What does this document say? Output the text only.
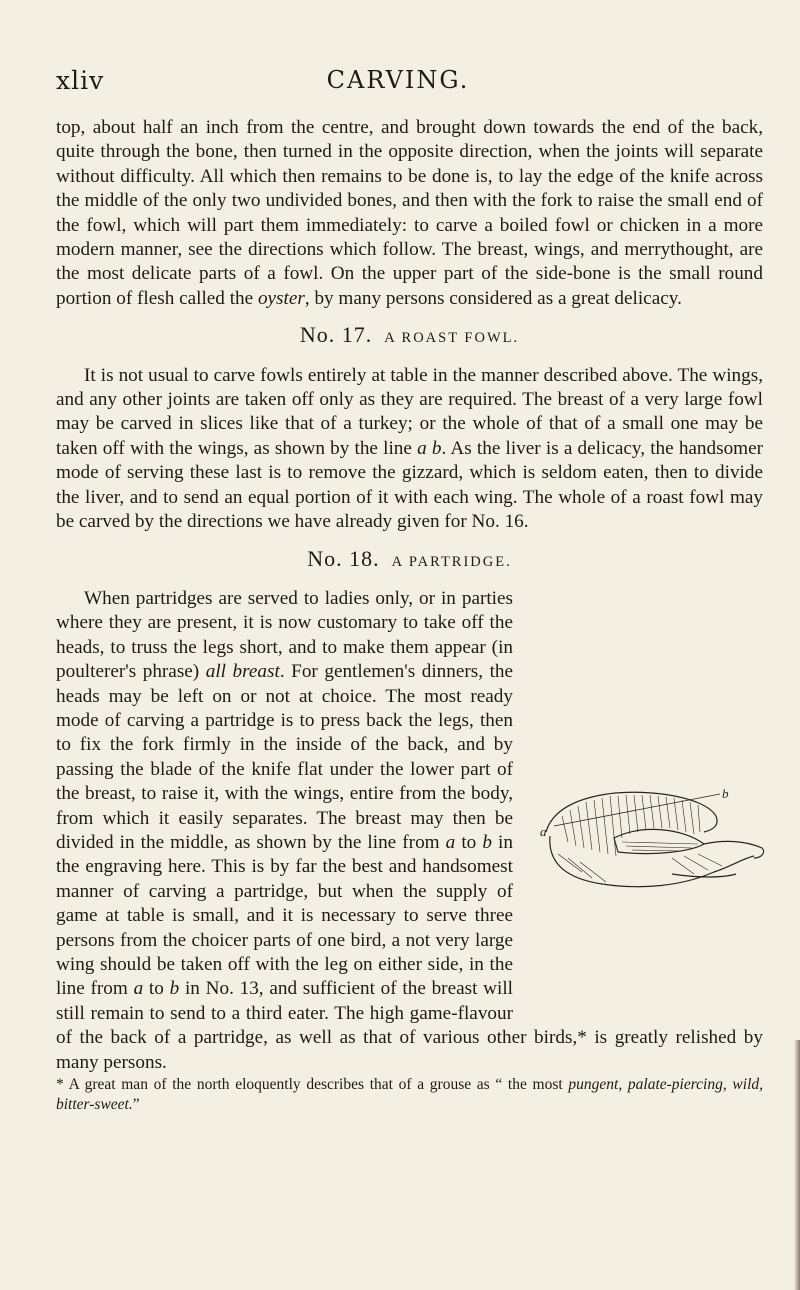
xliv	CARVING.

top, about half an inch from the centre, and brought down towards the end of the back, quite through the bone, then turned in the opposite direction, when the joints will separate without difficulty. All which then remains to be done is, to lay the edge of the knife across the middle of the only two undivided bones, and then with the fork to raise the small end of the fowl, which will part them immediately: to carve a boiled fowl or chicken in a more modern manner, see the directions which follow. The breast, wings, and merrythought, are the most delicate parts of a fowl. On the upper part of the side-bone is the small round portion of flesh called the oyster, by many persons considered as a great delicacy.

No. 17. A ROAST FOWL.

It is not usual to carve fowls entirely at table in the manner described above. The wings, and any other joints are taken off only as they are required. The breast of a very large fowl may be carved in slices like that of a turkey; or the whole of that of a small one may be taken off with the wings, as shown by the line a b. As the liver is a delicacy, the handsomer mode of serving these last is to remove the gizzard, which is seldom eaten, then to divide the liver, and to send an equal portion of it with each wing. The whole of a roast fowl may be carved by the directions we have already given for No. 16.

No. 18. A PARTRIDGE.

When partridges are served to ladies only, or in parties where they are present, it is now customary to take off the heads, to truss the legs short, and to make them appear (in poulterer's phrase) all breast. For gentlemen's dinners, the heads may be left on or not at choice. The most ready mode of carving a partridge is to press back the legs, then to fix the fork firmly in the inside of the back, and by passing the blade of the knife flat under the lower part of the breast, to raise it, with the wings, entire from the body, from which it easily separates. The breast may then be divided in the middle, as shown by the line from a to b in the engraving here. This is by far the best and handsomest manner of carving a partridge, but when the supply of game at table is small, and it is necessary to serve three persons from the choicer parts of one bird, a not very large wing should be taken off with the leg on either side, in the line from a to b in No. 13, and sufficient of the breast will still remain to send to a third eater. The high game-flavour of the back of a partridge, as well as that of various other birds,* is greatly relished by many persons.

* A great man of the north eloquently describes that of a grouse as “ the most pungent, palate-piercing, wild, bitter-sweet.”

a
b
